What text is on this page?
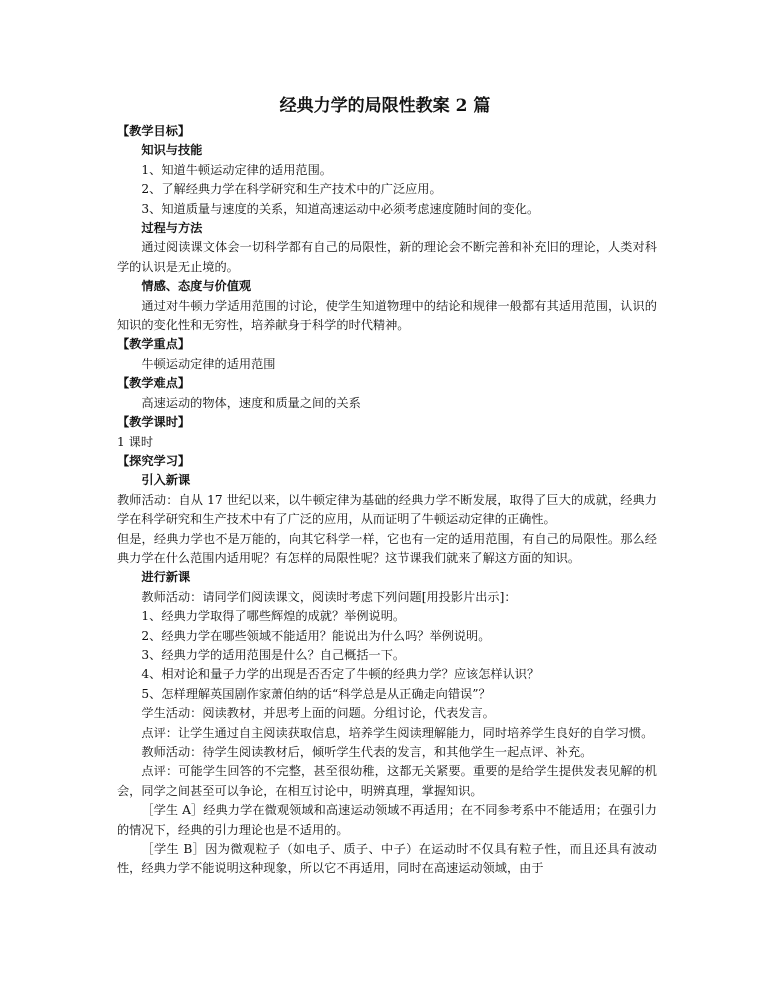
经典力学的局限性教案 2 篇

【教学目标】

知识与技能

1、知道牛顿运动定律的适用范围。

2、了解经典力学在科学研究和生产技术中的广泛应用。

3、知道质量与速度的关系，知道高速运动中必须考虑速度随时间的变化。

过程与方法

通过阅读课文体会一切科学都有自己的局限性，新的理论会不断完善和补充旧的理论，人类对科学的认识是无止境的。

情感、态度与价值观

通过对牛顿力学适用范围的讨论，使学生知道物理中的结论和规律一般都有其适用范围，认识的知识的变化性和无穷性，培养献身于科学的时代精神。

【教学重点】

牛顿运动定律的适用范围

【教学难点】

高速运动的物体，速度和质量之间的关系

【教学课时】

1 课时

【探究学习】

引入新课

教师活动：自从 17 世纪以来，以牛顿定律为基础的经典力学不断发展，取得了巨大的成就，经典力学在科学研究和生产技术中有了广泛的应用，从而证明了牛顿运动定律的正确性。

但是，经典力学也不是万能的，向其它科学一样，它也有一定的适用范围，有自己的局限性。那么经典力学在什么范围内适用呢？有怎样的局限性呢？这节课我们就来了解这方面的知识。

进行新课

教师活动：请同学们阅读课文，阅读时考虑下列问题[用投影片出示]：

1、经典力学取得了哪些辉煌的成就？举例说明。

2、经典力学在哪些领域不能适用？能说出为什么吗？举例说明。

3、经典力学的适用范围是什么？自己概括一下。

4、相对论和量子力学的出现是否否定了牛顿的经典力学？应该怎样认识？

5、怎样理解英国剧作家萧伯纳的话“科学总是从正确走向错误”？

学生活动：阅读教材，并思考上面的问题。分组讨论，代表发言。

点评：让学生通过自主阅读获取信息，培养学生阅读理解能力，同时培养学生良好的自学习惯。

教师活动：待学生阅读教材后，倾听学生代表的发言，和其他学生一起点评、补充。

点评：可能学生回答的不完整，甚至很幼稚，这都无关紧要。重要的是给学生提供发表见解的机会，同学之间甚至可以争论，在相互讨论中，明辨真理，掌握知识。

［学生 A］经典力学在微观领域和高速运动领域不再适用；在不同参考系中不能适用；在强引力的情况下，经典的引力理论也是不适用的。

［学生 B］因为微观粒子（如电子、质子、中子）在运动时不仅具有粒子性，而且还具有波动性，经典力学不能说明这种现象，所以它不再适用，同时在高速运动领域，由于
